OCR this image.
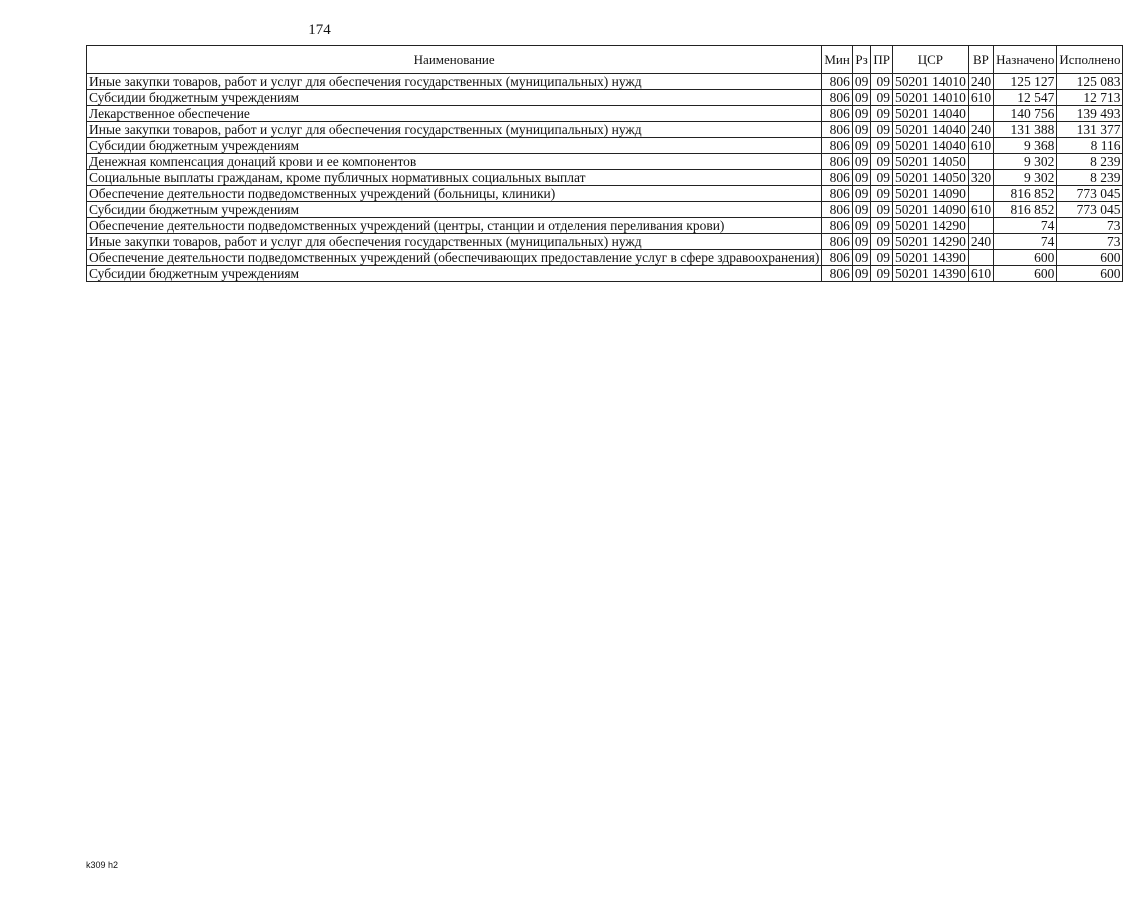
174
Наименование	Мин	Рз	ПР	ЦСР	ВР	Назначено	Исполнено
Иные закупки товаров, работ и услуг для обеспечения государственных (муниципальных) нужд	806	09	09	50201 14010	240	125 127	125 083
Субсидии бюджетным учреждениям	806	09	09	50201 14010	610	12 547	12 713
Лекарственное обеспечение	806	09	09	50201 14040		140 756	139 493
Иные закупки товаров, работ и услуг для обеспечения государственных (муниципальных) нужд	806	09	09	50201 14040	240	131 388	131 377
Субсидии бюджетным учреждениям	806	09	09	50201 14040	610	9 368	8 116
Денежная компенсация донаций крови и ее компонентов	806	09	09	50201 14050		9 302	8 239
Социальные выплаты гражданам, кроме публичных нормативных социальных выплат	806	09	09	50201 14050	320	9 302	8 239
Обеспечение деятельности подведомственных учреждений (больницы, клиники)	806	09	09	50201 14090		816 852	773 045
Субсидии бюджетным учреждениям	806	09	09	50201 14090	610	816 852	773 045
Обеспечение деятельности подведомственных учреждений (центры, станции и отделения переливания крови)	806	09	09	50201 14290		74	73
Иные закупки товаров, работ и услуг для обеспечения государственных (муниципальных) нужд	806	09	09	50201 14290	240	74	73
Обеспечение деятельности подведомственных учреждений (обеспечивающих предоставление услуг в сфере здравоохранения)	806	09	09	50201 14390		600	600
Субсидии бюджетным учреждениям	806	09	09	50201 14390	610	600	600
k309 h2
